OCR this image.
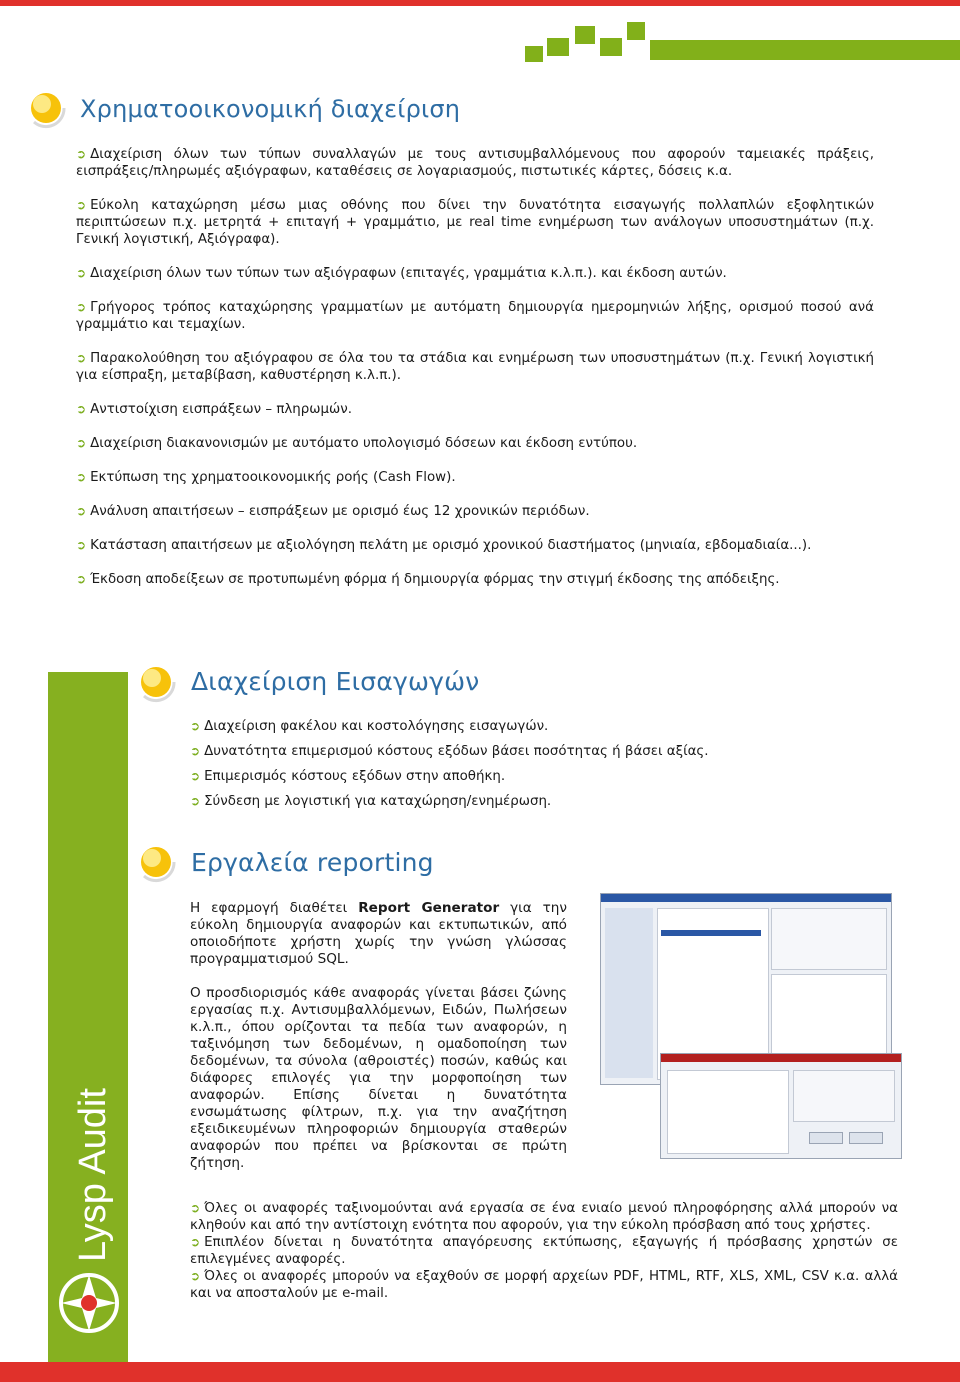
Χρηματοοικονομική διαχείριση
➲ Διαχείριση όλων των τύπων συναλλαγών με τους αντισυμβαλλόμενους που αφορούν ταμειακές πράξεις, εισπράξεις/πληρωμές αξιόγραφων, καταθέσεις σε λογαριασμούς, πιστωτικές κάρτες, δόσεις κ.α.
➲ Εύκολη καταχώρηση μέσω μιας οθόνης που δίνει την δυνατότητα εισαγωγής πολλαπλών εξοφλητικών περιπτώσεων π.χ. μετρητά + επιταγή + γραμμάτιο, με real time ενημέρωση των ανάλογων υποσυστημάτων (π.χ. Γενική λογιστική, Αξιόγραφα).
➲ Διαχείριση όλων των τύπων των αξιόγραφων (επιταγές, γραμμάτια κ.λ.π.). και έκδοση αυτών.
➲ Γρήγορος τρόπος καταχώρησης γραμματίων με αυτόματη δημιουργία ημερομηνιών λήξης, ορισμού ποσού ανά γραμμάτιο και τεμαχίων.
➲ Παρακολούθηση του αξιόγραφου σε όλα του τα στάδια και ενημέρωση των υποσυστημάτων (π.χ. Γενική λογιστική για είσπραξη, μεταβίβαση, καθυστέρηση κ.λ.π.).
➲ Αντιστοίχιση εισπράξεων – πληρωμών.
➲ Διαχείριση διακανονισμών με αυτόματο υπολογισμό δόσεων και έκδοση εντύπου.
➲ Εκτύπωση της χρηματοοικονομικής ροής (Cash Flow).
➲ Ανάλυση απαιτήσεων – εισπράξεων με ορισμό έως 12 χρονικών περιόδων.
➲ Κατάσταση απαιτήσεων με αξιολόγηση πελάτη με ορισμό χρονικού διαστήματος (μηνιαία, εβδομαδιαία...).
➲ Έκδοση αποδείξεων σε προτυπωμένη φόρμα ή δημιουργία φόρμας την στιγμή έκδοσης της απόδειξης.
Lysp Audit
Διαχείριση Εισαγωγών
➲ Διαχείριση φακέλου και κοστολόγησης εισαγωγών.
➲ Δυνατότητα επιμερισμού κόστους εξόδων βάσει ποσότητας ή βάσει αξίας.
➲ Επιμερισμός κόστους εξόδων στην αποθήκη.
➲ Σύνδεση με λογιστική για καταχώρηση/ενημέρωση.
Εργαλεία reporting
Η εφαρμογή διαθέτει Report Generator για την εύκολη δημιουργία αναφορών και εκτυπωτικών, από οποιοδήποτε χρήστη χωρίς την γνώση γλώσσας προγραμματισμού SQL.
Ο προσδιορισμός κάθε αναφοράς γίνεται βάσει ζώνης εργασίας π.χ. Αντισυμβαλλόμενων, Ειδών, Πωλήσεων κ.λ.π., όπου ορίζονται τα πεδία των αναφορών, η ταξινόμηση των δεδομένων, η ομαδοποίηση των δεδομένων, τα σύνολα (αθροιστές) ποσών, καθώς και διάφορες επιλογές για την μορφοποίηση των αναφορών. Επίσης δίνεται η δυνατότητα ενσωμάτωσης φίλτρων, π.χ. για την αναζήτηση εξειδικευμένων πληροφοριών δημιουργία σταθερών αναφορών που πρέπει να βρίσκονται σε πρώτη ζήτηση.
➲ Όλες οι αναφορές ταξινομούνται ανά εργασία σε ένα ενιαίο μενού πληροφόρησης αλλά μπορούν να κληθούν και από την αντίστοιχη ενότητα που αφορούν, για την εύκολη πρόσβαση από τους χρήστες.
➲ Επιπλέον δίνεται η δυνατότητα απαγόρευσης εκτύπωσης, εξαγωγής ή πρόσβασης χρηστών σε επιλεγμένες αναφορές.
➲ Όλες οι αναφορές μπορούν να εξαχθούν σε μορφή αρχείων PDF, HTML, RTF, XLS, XML, CSV κ.α. αλλά και να αποσταλούν με e-mail.
